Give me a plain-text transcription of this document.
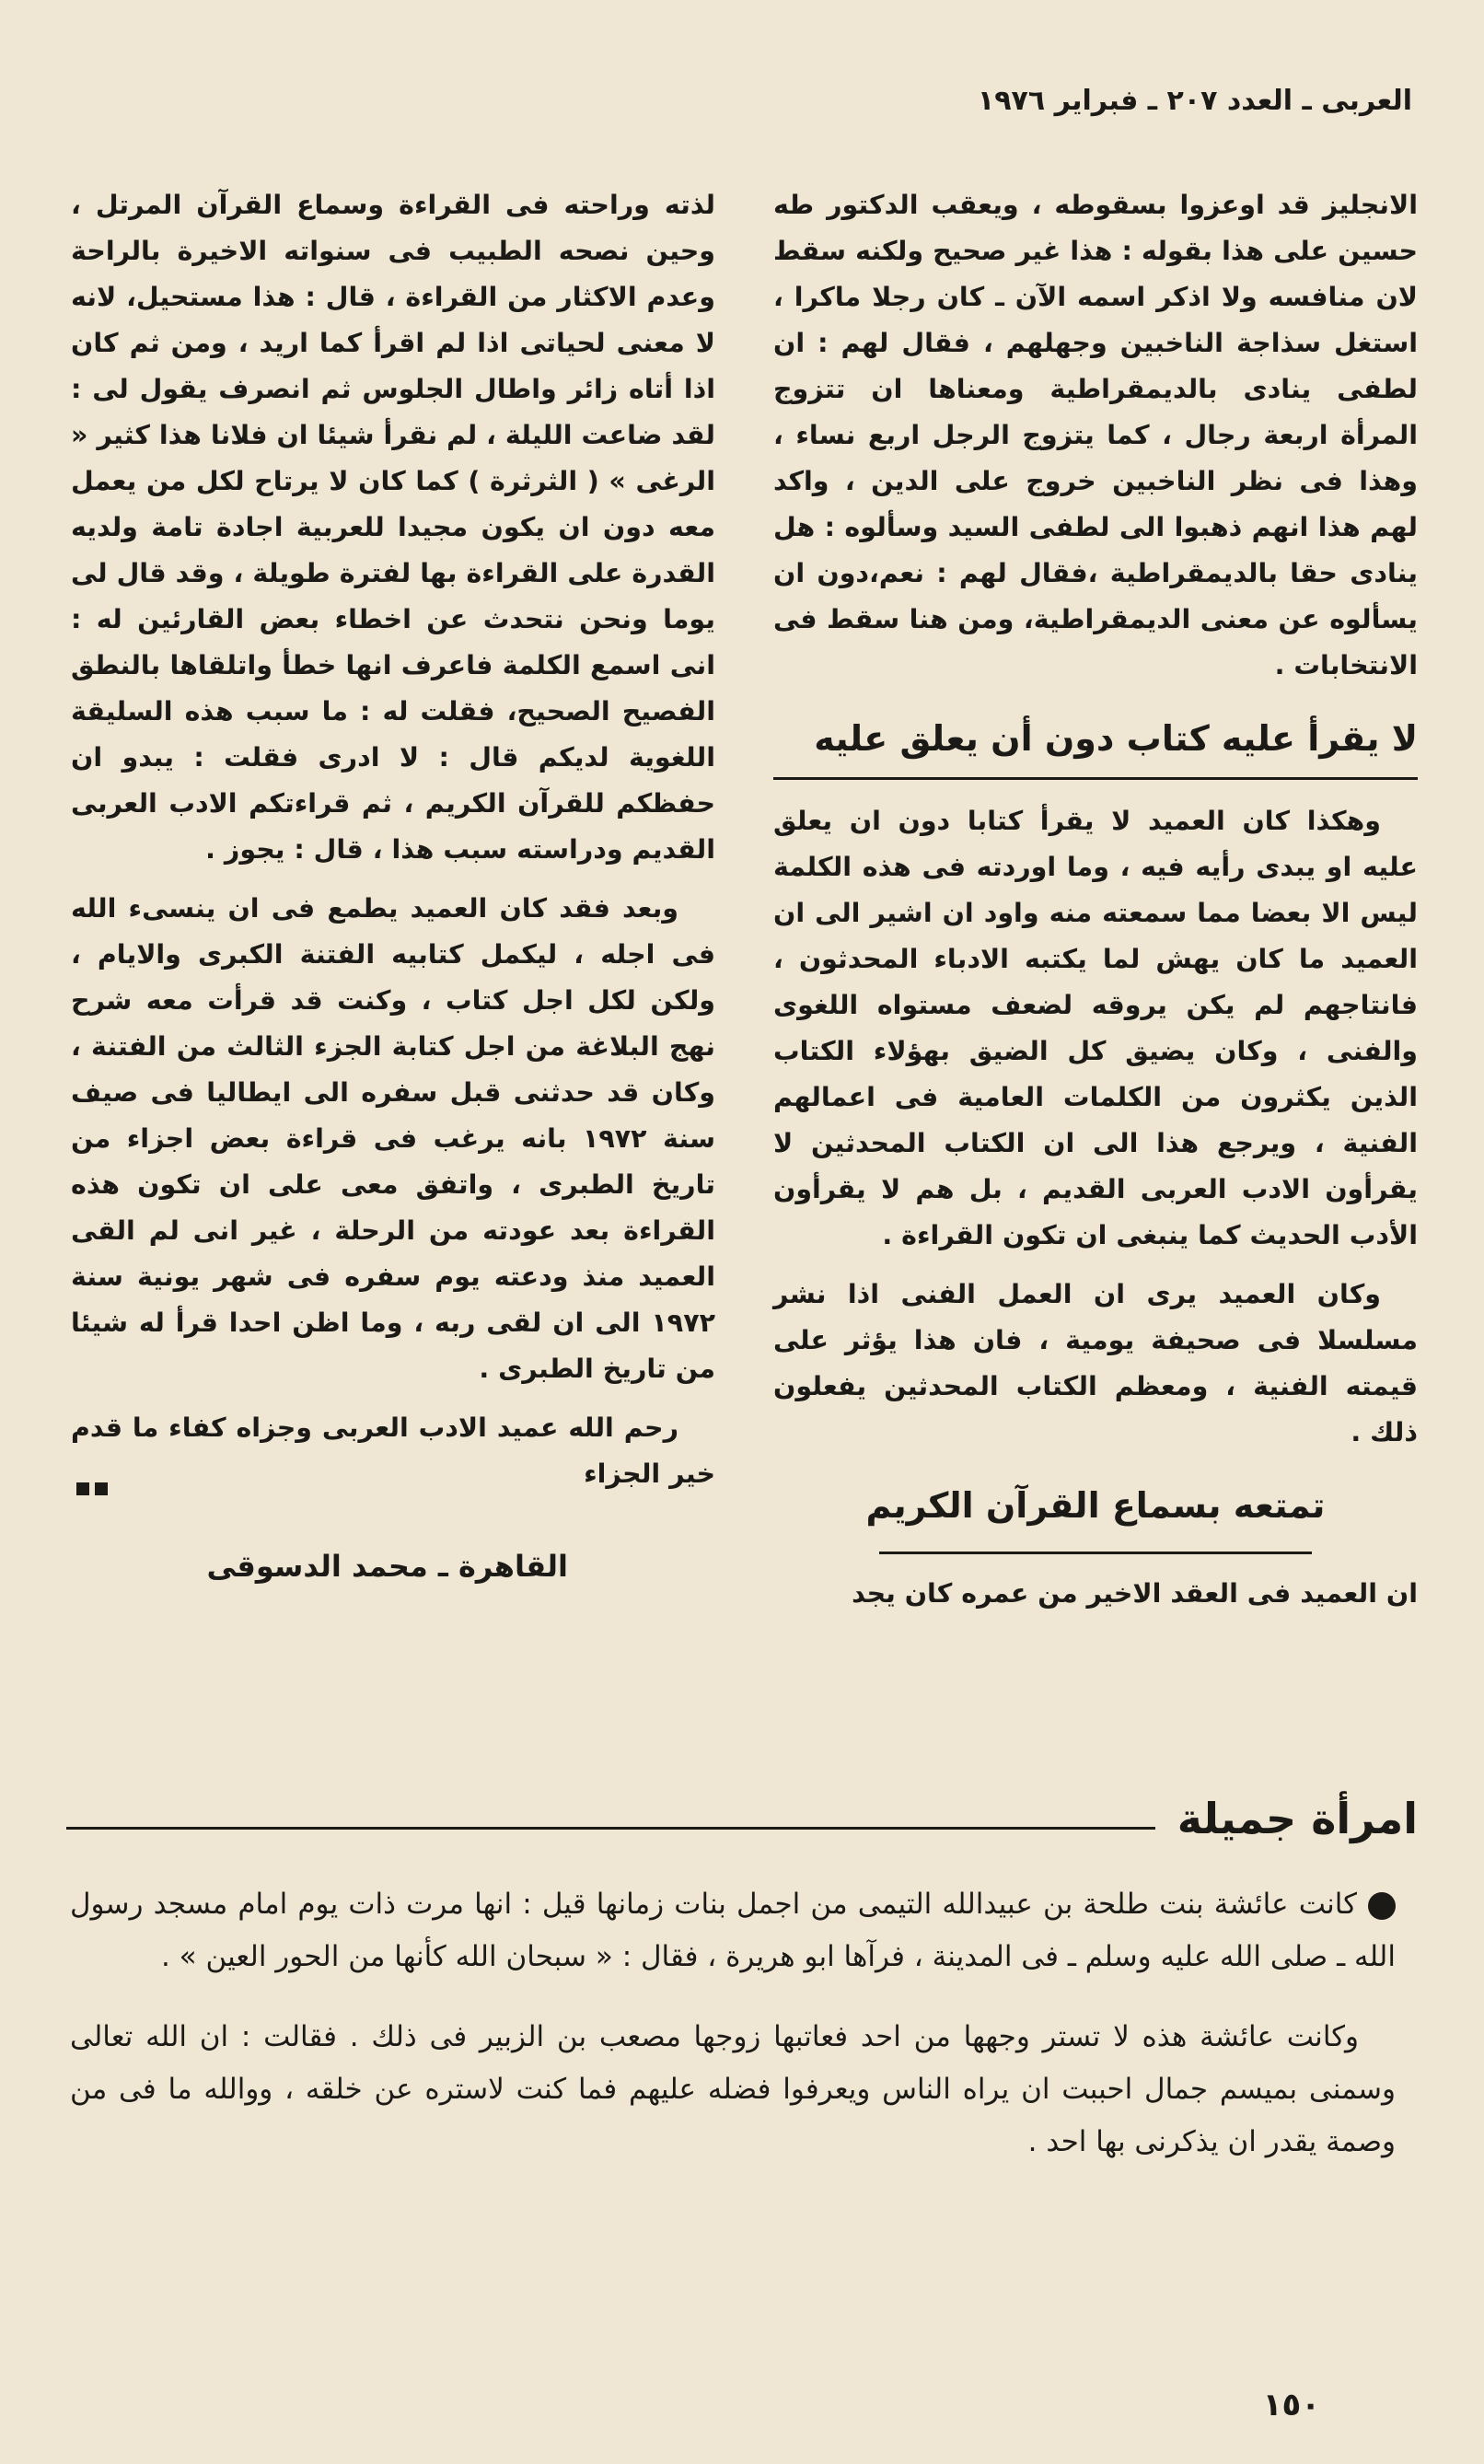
العربى ـ العدد ٢٠٧ ـ فبراير ١٩٧٦

الانجليز قد اوعزوا بسقوطه ، ويعقب الدكتور طه حسين على هذا بقوله : هذا غير صحيح ولكنه سقط لان منافسه ولا اذكر اسمه الآن ـ كان رجلا ماكرا ، استغل سذاجة الناخبين وجهلهم ، فقال لهم : ان لطفى ينادى بالديمقراطية ومعناها ان تتزوج المرأة اربعة رجال ، كما يتزوج الرجل اربع نساء ، وهذا فى نظر الناخبين خروج على الدين ، واكد لهم هذا انهم ذهبوا الى لطفى السيد وسألوه : هل ينادى حقا بالديمقراطية ،فقال لهم : نعم،دون ان يسألوه عن معنى الديمقراطية، ومن هنا سقط فى الانتخابات .

لا يقرأ عليه كتاب دون أن يعلق عليه

وهكذا كان العميد لا يقرأ كتابا دون ان يعلق عليه او يبدى رأيه فيه ، وما اوردته فى هذه الكلمة ليس الا بعضا مما سمعته منه واود ان اشير الى ان العميد ما كان يهش لما يكتبه الادباء المحدثون ، فانتاجهم لم يكن يروقه لضعف مستواه اللغوى والفنى ، وكان يضيق كل الضيق بهؤلاء الكتاب الذين يكثرون من الكلمات العامية فى اعمالهم الفنية ، ويرجع هذا الى ان الكتاب المحدثين لا يقرأون الادب العربى القديم ، بل هم لا يقرأون الأدب الحديث كما ينبغى ان تكون القراءة .

وكان العميد يرى ان العمل الفنى اذا نشر مسلسلا فى صحيفة يومية ، فان هذا يؤثر على قيمته الفنية ، ومعظم الكتاب المحدثين يفعلون ذلك .

تمتعه بسماع القرآن الكريم

ان العميد فى العقد الاخير من عمره كان يجد

لذته وراحته فى القراءة وسماع القرآن المرتل ، وحين نصحه الطبيب فى سنواته الاخيرة بالراحة وعدم الاكثار من القراءة ، قال : هذا مستحيل، لانه لا معنى لحياتى اذا لم اقرأ كما اريد ، ومن ثم كان اذا أتاه زائر واطال الجلوس ثم انصرف يقول لى : لقد ضاعت الليلة ، لم نقرأ شيئا ان فلانا هذا كثير « الرغى » ( الثرثرة ) كما كان لا يرتاح لكل من يعمل معه دون ان يكون مجيدا للعربية اجادة تامة ولديه القدرة على القراءة بها لفترة طويلة ، وقد قال لى يوما ونحن نتحدث عن اخطاء بعض القارئين له : انى اسمع الكلمة فاعرف انها خطأ واتلقاها بالنطق الفصيح الصحيح، فقلت له : ما سبب هذه السليقة اللغوية لديكم قال : لا ادرى فقلت : يبدو ان حفظكم للقرآن الكريم ، ثم قراءتكم الادب العربى القديم ودراسته سبب هذا ، قال : يجوز .

وبعد فقد كان العميد يطمع فى ان ينسىء الله فى اجله ، ليكمل كتابيه الفتنة الكبرى والايام ، ولكن لكل اجل كتاب ، وكنت قد قرأت معه شرح نهج البلاغة من اجل كتابة الجزء الثالث من الفتنة ، وكان قد حدثنى قبل سفره الى ايطاليا فى صيف سنة ١٩٧٢ بانه يرغب فى قراءة بعض اجزاء من تاريخ الطبرى ، واتفق معى على ان تكون هذه القراءة بعد عودته من الرحلة ، غير انى لم القى العميد منذ ودعته يوم سفره فى شهر يونية سنة ١٩٧٢ الى ان لقى ربه ، وما اظن احدا قرأ له شيئا من تاريخ الطبرى .

رحم الله عميد الادب العربى وجزاه كفاء ما قدم خير الجزاء

القاهرة ـ محمد الدسوقى
امرأة جميلة

كانت عائشة بنت طلحة بن عبيدالله التيمى من اجمل بنات زمانها قيل : انها مرت ذات يوم امام مسجد رسول الله ـ صلى الله عليه وسلم ـ فى المدينة ، فرآها ابو هريرة ، فقال : « سبحان الله كأنها من الحور العين » .

وكانت عائشة هذه لا تستر وجهها من احد فعاتبها زوجها مصعب بن الزبير فى ذلك . فقالت : ان الله تعالى وسمنى بميسم جمال احببت ان يراه الناس ويعرفوا فضله عليهم فما كنت لاستره عن خلقه ، ووالله ما فى من وصمة يقدر ان يذكرنى بها احد .

١٥٠
